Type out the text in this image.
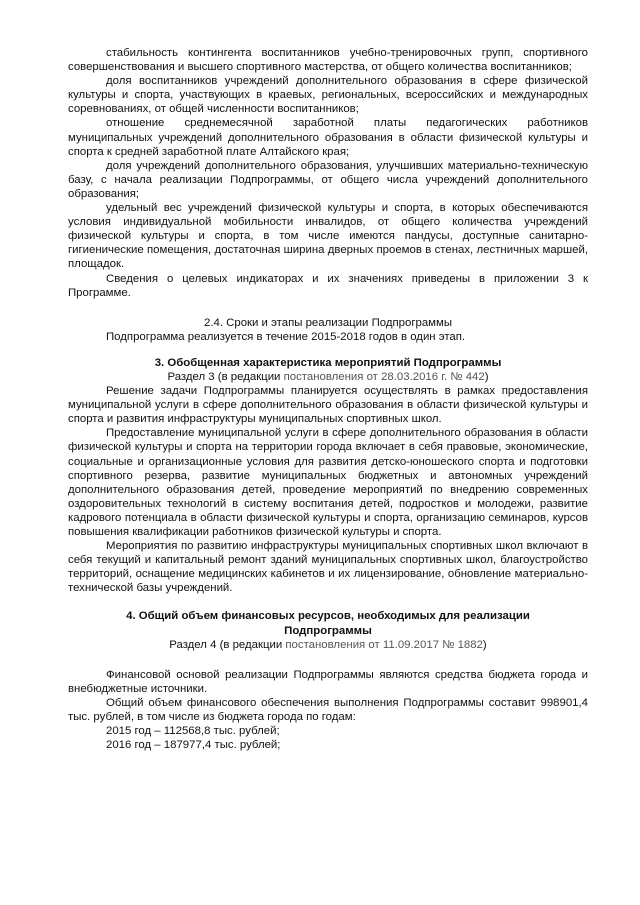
стабильность контингента воспитанников учебно-тренировочных групп, спортивного совершенствования и высшего спортивного мастерства, от общего количества воспитанников;

доля воспитанников учреждений дополнительного образования в сфере физической культуры и спорта, участвующих в краевых, региональных, всероссийских и международных соревнованиях, от общей численности воспитанников;

отношение среднемесячной заработной платы педагогических работников муниципальных учреждений дополнительного образования в области физической культуры и спорта к средней заработной плате Алтайского края;

доля учреждений дополнительного образования, улучшивших материально-техническую базу, с начала реализации Подпрограммы, от общего числа учреждений дополнительного образования;

удельный вес учреждений физической культуры и спорта, в которых обеспечиваются условия индивидуальной мобильности инвалидов, от общего количества учреждений физической культуры и спорта, в том числе имеются пандусы, доступные санитарно-гигиенические помещения, достаточная ширина дверных проемов в стенах, лестничных маршей, площадок.

Сведения о целевых индикаторах и их значениях приведены в приложении 3 к Программе.

2.4. Сроки и этапы реализации Подпрограммы

Подпрограмма реализуется в течение 2015-2018 годов в один этап.

3. Обобщенная характеристика мероприятий Подпрограммы

Раздел 3 (в редакции постановления от 28.03.2016 г. № 442)

Решение задачи Подпрограммы планируется осуществлять в рамках предоставления муниципальной услуги в сфере дополнительного образования в области физической культуры и спорта и развития инфраструктуры муниципальных спортивных школ.

Предоставление муниципальной услуги в сфере дополнительного образования в области физической культуры и спорта на территории города включает в себя правовые, экономические, социальные и организационные условия для развития детско-юношеского спорта и подготовки спортивного резерва, развитие муниципальных бюджетных и автономных учреждений дополнительного образования детей, проведение мероприятий по внедрению современных оздоровительных технологий в систему воспитания детей, подростков и молодежи, развитие кадрового потенциала в области физической культуры и спорта, организацию семинаров, курсов повышения квалификации работников физической культуры и спорта.

Мероприятия по развитию инфраструктуры муниципальных спортивных школ включают в себя текущий и капитальный ремонт зданий муниципальных спортивных школ, благоустройство территорий, оснащение медицинских кабинетов и их лицензирование, обновление материально-технической базы учреждений.

4. Общий объем финансовых ресурсов, необходимых для реализации

Подпрограммы

Раздел 4 (в редакции постановления от 11.09.2017 № 1882)

Финансовой основой реализации Подпрограммы являются средства бюджета города и внебюджетные источники.

Общий объем финансового обеспечения выполнения Подпрограммы составит 998901,4 тыс. рублей, в том числе из бюджета города по годам:

2015 год – 112568,8 тыс. рублей;

2016 год – 187977,4 тыс. рублей;
